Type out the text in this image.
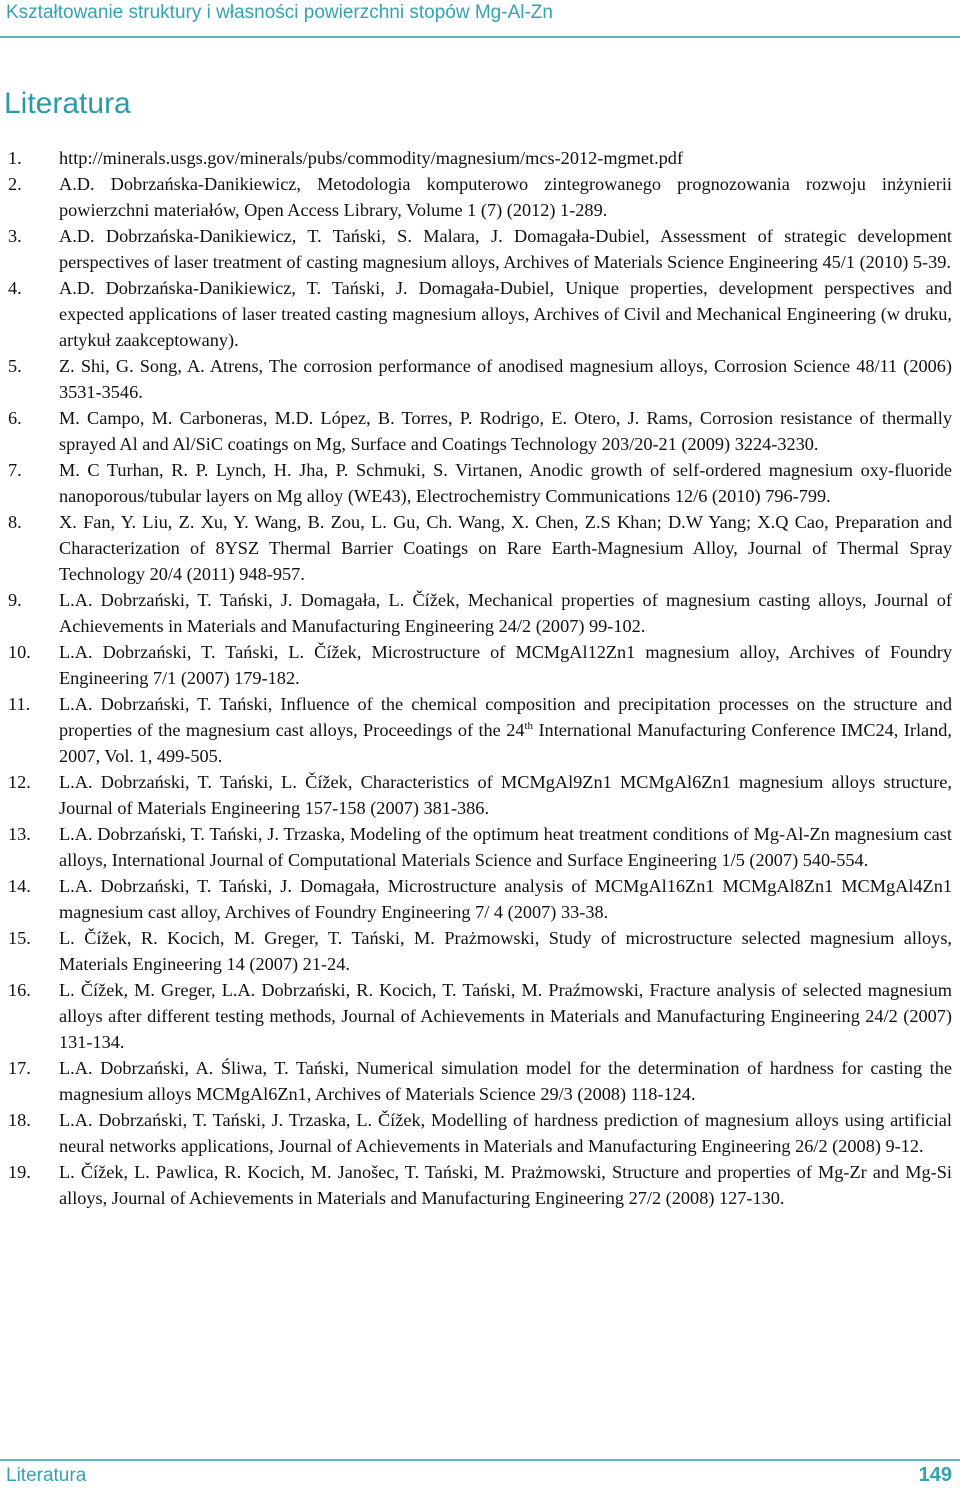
Kształtowanie struktury i własności powierzchni stopów Mg-Al-Zn
Literatura
1.	http://minerals.usgs.gov/minerals/pubs/commodity/magnesium/mcs-2012-mgmet.pdf
2.	A.D. Dobrzańska-Danikiewicz, Metodologia komputerowo zintegrowanego prognozowania rozwoju inżynierii powierzchni materiałów, Open Access Library, Volume 1 (7) (2012) 1-289.
3.	A.D. Dobrzańska-Danikiewicz, T. Tański, S. Malara, J. Domagała-Dubiel, Assessment of strategic development perspectives of laser treatment of casting magnesium alloys, Archives of Materials Science Engineering 45/1 (2010) 5-39.
4.	A.D. Dobrzańska-Danikiewicz, T. Tański, J. Domagała-Dubiel, Unique properties, development perspectives and expected applications of laser treated casting magnesium alloys, Archives of Civil and Mechanical Engineering (w druku, artykuł zaakceptowany).
5.	Z. Shi, G. Song, A. Atrens, The corrosion performance of anodised magnesium alloys, Corrosion Science 48/11 (2006) 3531-3546.
6.	M. Campo, M. Carboneras, M.D. López, B. Torres, P. Rodrigo, E. Otero, J. Rams, Corrosion resistance of thermally sprayed Al and Al/SiC coatings on Mg, Surface and Coatings Technology 203/20-21 (2009) 3224-3230.
7.	M. C Turhan, R. P. Lynch, H. Jha, P. Schmuki, S. Virtanen, Anodic growth of self-ordered magnesium oxy-fluoride nanoporous/tubular layers on Mg alloy (WE43), Electrochemistry Communications 12/6 (2010) 796-799.
8.	X. Fan, Y. Liu, Z. Xu, Y. Wang, B. Zou, L. Gu, Ch. Wang, X. Chen, Z.S Khan; D.W Yang; X.Q Cao, Preparation and Characterization of 8YSZ Thermal Barrier Coatings on Rare Earth-Magnesium Alloy, Journal of Thermal Spray Technology 20/4 (2011) 948-957.
9.	L.A. Dobrzański, T. Tański, J. Domagała, L. Čížek, Mechanical properties of magnesium casting alloys, Journal of Achievements in Materials and Manufacturing Engineering 24/2 (2007) 99-102.
10.	L.A. Dobrzański, T. Tański, L. Čížek, Microstructure of MCMgAl12Zn1 magnesium alloy, Archives of Foundry Engineering 7/1 (2007) 179-182.
11.	L.A. Dobrzański, T. Tański, Influence of the chemical composition and precipitation processes on the structure and properties of the magnesium cast alloys, Proceedings of the 24th International Manufacturing Conference IMC24, Irland, 2007, Vol. 1, 499-505.
12.	L.A. Dobrzański, T. Tański, L. Čížek, Characteristics of MCMgAl9Zn1 MCMgAl6Zn1 magnesium alloys structure, Journal of Materials Engineering 157-158 (2007) 381-386.
13.	L.A. Dobrzański, T. Tański, J. Trzaska, Modeling of the optimum heat treatment conditions of Mg-Al-Zn magnesium cast alloys, International Journal of Computational Materials Science and Surface Engineering 1/5 (2007) 540-554.
14.	L.A. Dobrzański, T. Tański, J. Domagała, Microstructure analysis of MCMgAl16Zn1 MCMgAl8Zn1 MCMgAl4Zn1 magnesium cast alloy, Archives of Foundry Engineering 7/ 4 (2007) 33-38.
15.	L. Čížek, R. Kocich, M. Greger, T. Tański, M. Prażmowski, Study of microstructure selected magnesium alloys, Materials Engineering 14 (2007) 21-24.
16.	L. Čížek, M. Greger, L.A. Dobrzański, R. Kocich, T. Tański, M. Praźmowski, Fracture analysis of selected magnesium alloys after different testing methods, Journal of Achievements in Materials and Manufacturing Engineering 24/2 (2007) 131-134.
17.	L.A. Dobrzański, A. Śliwa, T. Tański, Numerical simulation model for the determination of hardness for casting the magnesium alloys MCMgAl6Zn1, Archives of Materials Science 29/3 (2008) 118-124.
18.	L.A. Dobrzański, T. Tański, J. Trzaska, L. Čížek, Modelling of hardness prediction of magnesium alloys using artificial neural networks applications, Journal of Achievements in Materials and Manufacturing Engineering 26/2 (2008) 9-12.
19.	L. Čížek, L. Pawlica, R. Kocich, M. Janošec, T. Tański, M. Prażmowski, Structure and properties of Mg-Zr and Mg-Si alloys, Journal of Achievements in Materials and Manufacturing Engineering 27/2 (2008) 127-130.
Literatura	149
